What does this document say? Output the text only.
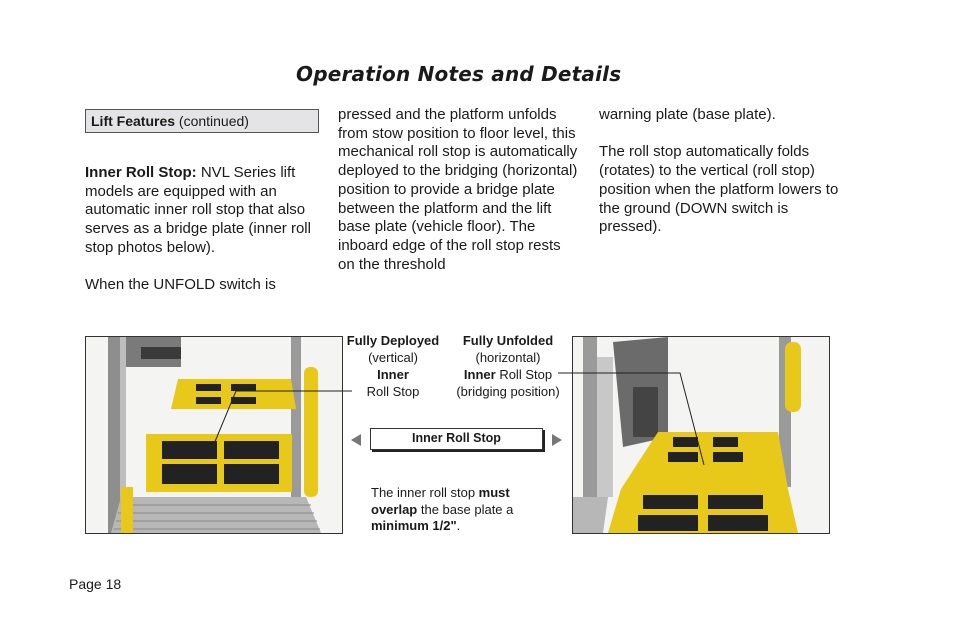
Operation Notes and Details
Lift Features (continued)

Inner Roll Stop: NVL Series lift models are equipped with an automatic inner roll stop that also serves as a bridge plate (inner roll stop photos below).

When the UNFOLD switch is

pressed and the platform unfolds from stow position to floor level, this mechanical roll stop is automatically deployed to the bridging (horizontal) position to provide a bridge plate between the platform and the lift base plate (vehicle floor). The inboard edge of the roll stop rests on the threshold

warning plate (base plate).

The roll stop automatically folds (rotates) to the vertical (roll stop) position when the platform lowers to the ground (DOWN switch is pressed).

Fully Deployed
(vertical)
Inner
Roll Stop
Fully Unfolded
(horizontal)
Inner Roll Stop
(bridging position)
Inner Roll Stop
The inner roll stop must overlap the base plate a minimum 1/2".
Page 18
